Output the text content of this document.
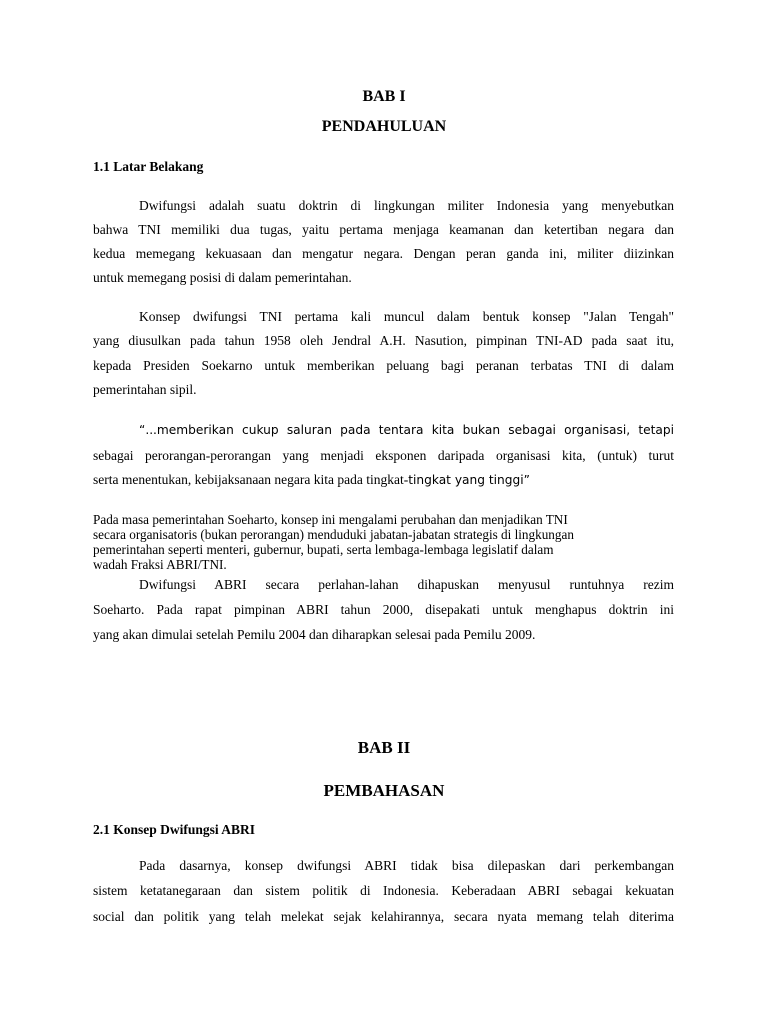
BAB I
PENDAHULUAN
1.1 Latar Belakang
Dwifungsi adalah suatu doktrin di lingkungan militer Indonesia yang menyebutkan
bahwa TNI memiliki dua tugas, yaitu pertama menjaga keamanan dan ketertiban negara dan
kedua memegang kekuasaan dan mengatur negara. Dengan peran ganda ini, militer diizinkan
untuk memegang posisi di dalam pemerintahan.
Konsep dwifungsi TNI pertama kali muncul dalam bentuk konsep "Jalan Tengah"
yang diusulkan pada tahun 1958 oleh Jendral A.H. Nasution, pimpinan TNI-AD pada saat itu,
kepada Presiden Soekarno untuk memberikan peluang bagi peranan terbatas TNI di dalam
pemerintahan sipil.
“...memberikan cukup saluran pada tentara kita bukan sebagai organisasi, tetapi
sebagai perorangan-perorangan yang menjadi eksponen daripada organisasi kita, (untuk) turut
serta menentukan, kebijaksanaan negara kita pada tingkat-tingkat yang tinggi”
Pada masa pemerintahan Soeharto, konsep ini mengalami perubahan dan menjadikan TNI
secara organisatoris (bukan perorangan) menduduki jabatan-jabatan strategis di lingkungan
pemerintahan seperti menteri, gubernur, bupati, serta lembaga-lembaga legislatif dalam
wadah Fraksi ABRI/TNI.
Dwifungsi ABRI secara perlahan-lahan dihapuskan menyusul runtuhnya rezim
Soeharto. Pada rapat pimpinan ABRI tahun 2000, disepakati untuk menghapus doktrin ini
yang akan dimulai setelah Pemilu 2004 dan diharapkan selesai pada Pemilu 2009.
BAB II
PEMBAHASAN
2.1 Konsep Dwifungsi ABRI
Pada dasarnya, konsep dwifungsi ABRI tidak bisa dilepaskan dari perkembangan
sistem ketatanegaraan dan sistem politik di Indonesia. Keberadaan ABRI sebagai kekuatan
social dan politik yang telah melekat sejak kelahirannya, secara nyata memang telah diterima
